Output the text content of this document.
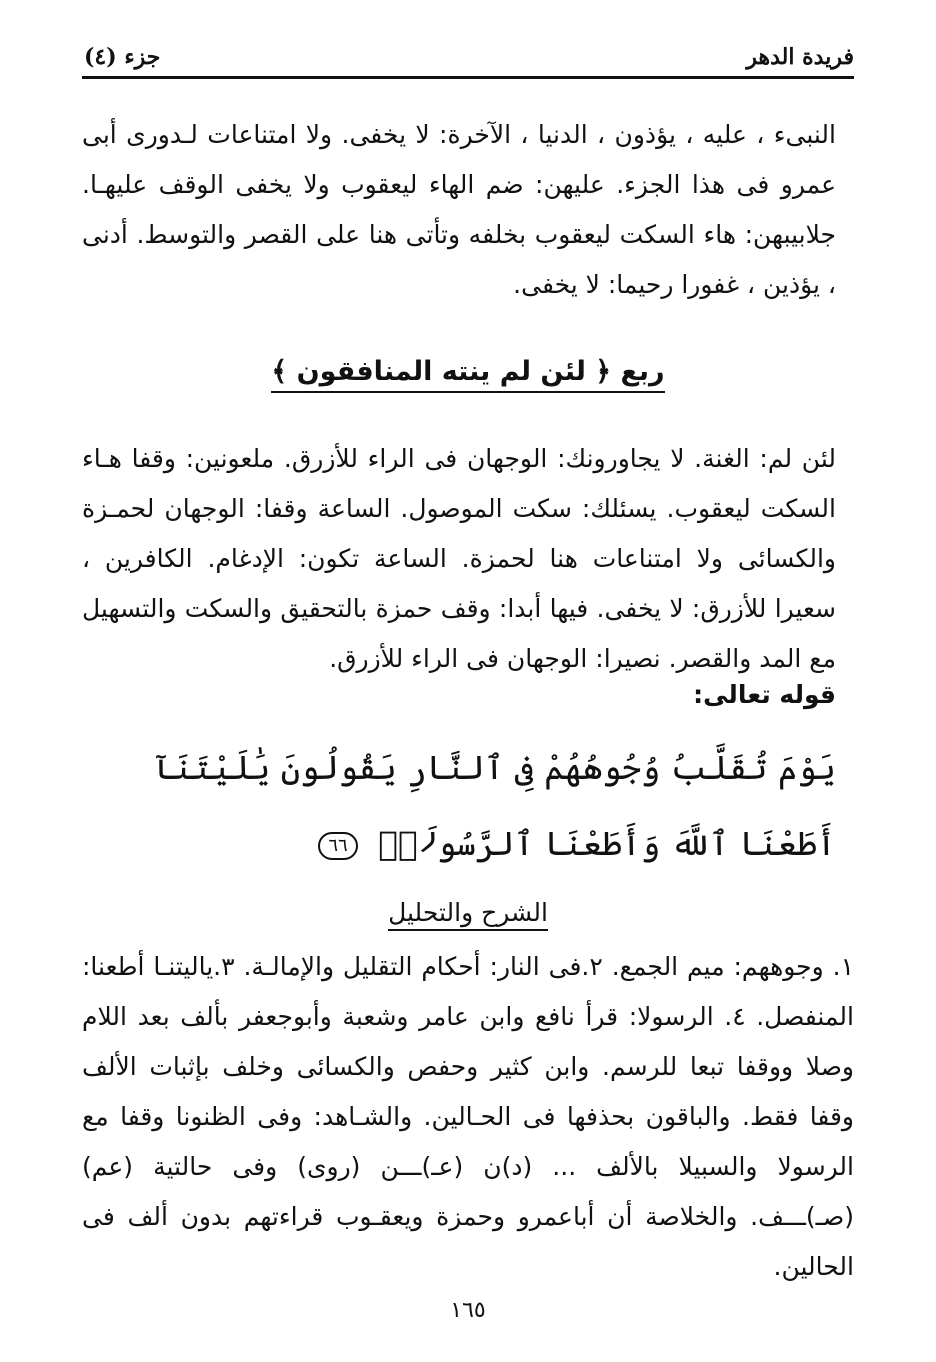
فريدة الدهر
جزء (٤)
النبىء ، عليه ، يؤذون ، الدنيا ، الآخرة: لا يخفى. ولا امتناعات لـدورى أبى عمرو فى هذا الجزء. عليهن: ضم الهاء ليعقوب ولا يخفى الوقف عليهـا. جلابيبهن: هاء السكت ليعقوب بخلفه وتأتى هنا على القصر والتوسط. أدنى ، يؤذين ، غفورا رحيما: لا يخفى.
ربع ﴿ لئن لم ينته المنافقون ﴾
لئن لم: الغنة. لا يجاورونك: الوجهان فى الراء للأزرق. ملعونين: وقفا هـاء السكت ليعقوب. يسئلك: سكت الموصول. الساعة وقفا: الوجهان لحمـزة والكسائى ولا امتناعات هنا لحمزة. الساعة تكون: الإدغام. الكافرين ، سعيرا للأزرق: لا يخفى. فيها أبدا: وقف حمزة بالتحقيق والسكت والتسهيل مع المد والقصر. نصيرا: الوجهان فى الراء للأزرق.
قوله تعالى:
يَوْمَ تُقَلَّبُ وُجُوهُهُمْ فِى ٱلنَّارِ يَقُولُونَ يَٰلَيْتَنَآ أَطَعْنَا ٱللَّهَ وَأَطَعْنَا ٱلرَّسُولَا۠ ٦٦
الشرح والتحليل
١. وجوههم: ميم الجمع. ٢.فى النار: أحكام التقليل والإمالـة. ٣.ياليتنـا أطعنا: المنفصل. ٤. الرسولا: قرأ نافع وابن عامر وشعبة وأبوجعفر بألف بعد اللام وصلا ووقفا تبعا للرسم. وابن كثير وحفص والكسائى وخلف بإثبات الألف وقفا فقط. والباقون بحذفها فى الحـالين. والشـاهد: وفى الظنونا وقفا مع الرسولا والسبيلا بالألف ... (د)ن (عـ)ـــن (روى) وفى حالتية (عم) (صـ)ـــف. والخلاصة أن أباعمرو وحمزة ويعقـوب قراءتهم بدون ألف فى الحالين.
١٦٥
